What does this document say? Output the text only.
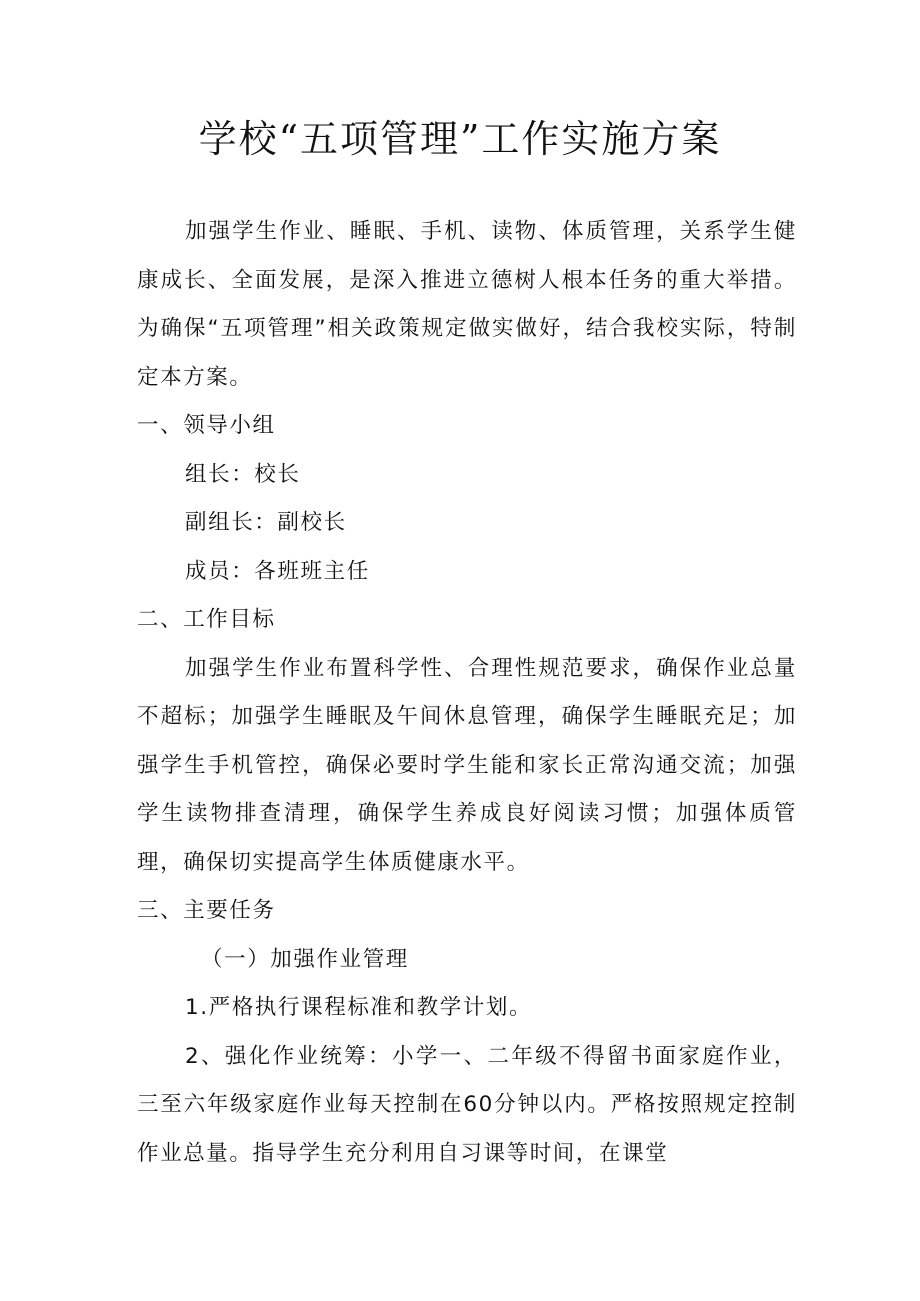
学校“五项管理”工作实施方案

加强学生作业、睡眠、手机、读物、体质管理，关系学生健康成长、全面发展，是深入推进立德树人根本任务的重大举措。为确保“五项管理”相关政策规定做实做好，结合我校实际，特制定本方案。

一、领导小组

组长：校长

副组长：副校长

成员：各班班主任

二、工作目标

加强学生作业布置科学性、合理性规范要求，确保作业总量不超标；加强学生睡眠及午间休息管理，确保学生睡眠充足；加强学生手机管控，确保必要时学生能和家长正常沟通交流；加强学生读物排查清理，确保学生养成良好阅读习惯；加强体质管理，确保切实提高学生体质健康水平。

三、主要任务

（一）加强作业管理

1.严格执行课程标准和教学计划。

2、强化作业统筹：小学一、二年级不得留书面家庭作业，三至六年级家庭作业每天控制在60分钟以内。严格按照规定控制作业总量。指导学生充分利用自习课等时间，在课堂
